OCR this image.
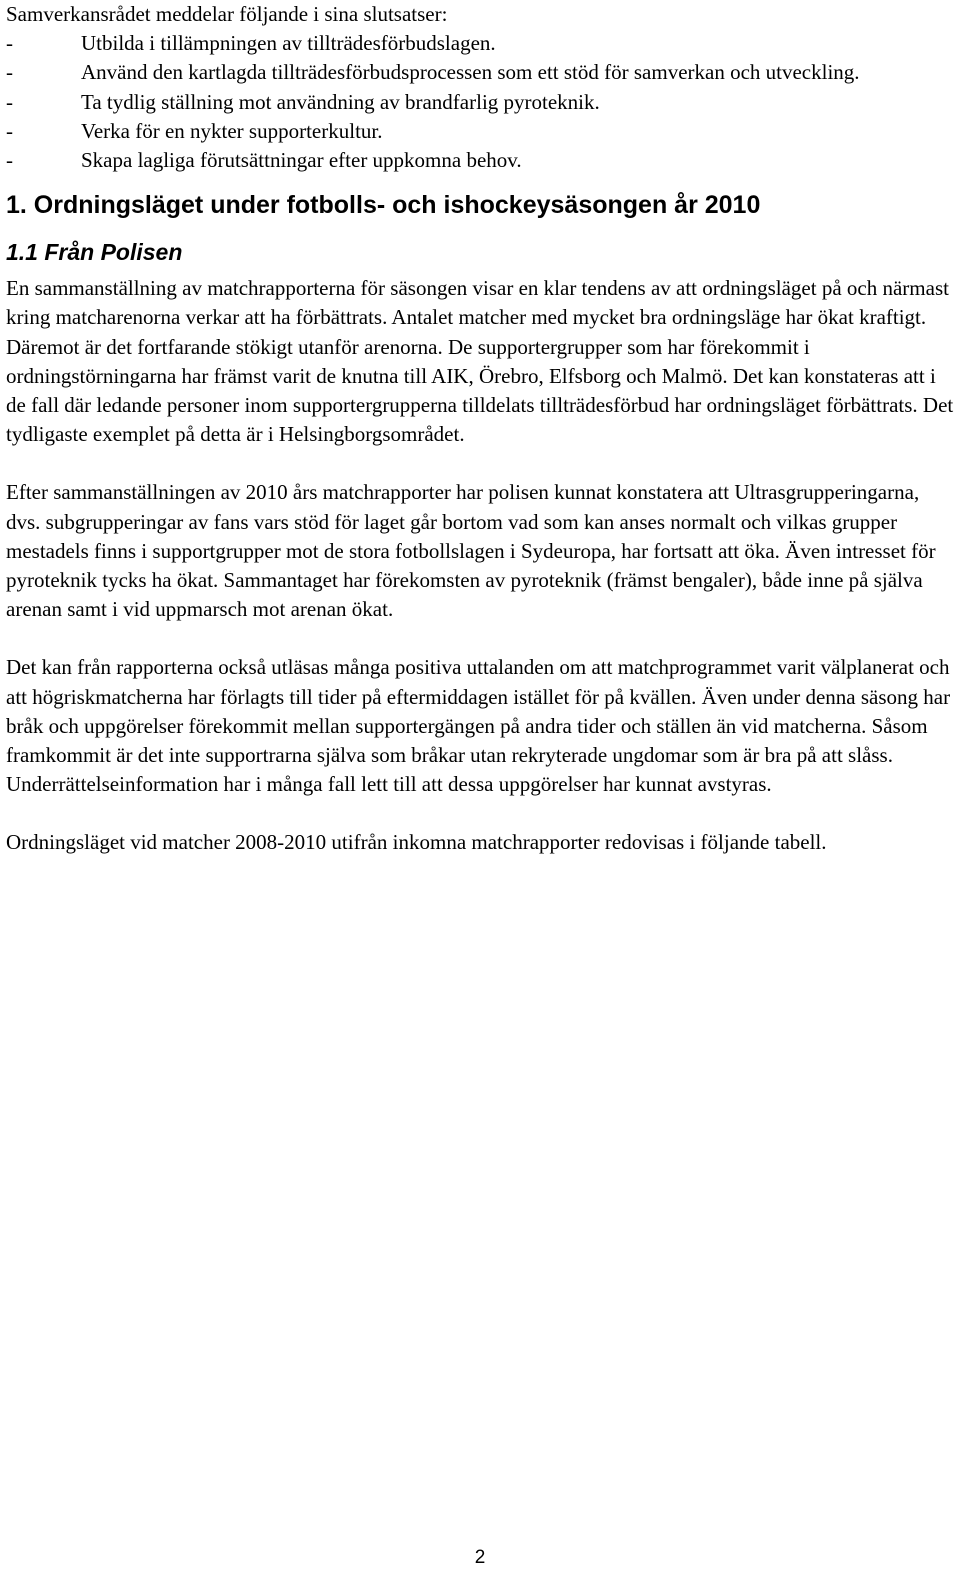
Samverkansrådet meddelar följande i sina slutsatser:

-	Utbilda i tillämpningen av tillträdesförbudslagen.
-	Använd den kartlagda tillträdesförbudsprocessen som ett stöd för samverkan och utveckling.
-	Ta tydlig ställning mot användning av brandfarlig pyroteknik.
-	Verka för en nykter supporterkultur.
-	Skapa lagliga förutsättningar efter uppkomna behov.
1. Ordningsläget under fotbolls- och ishockeysäsongen år 2010
1.1 Från Polisen

En sammanställning av matchrapporterna för säsongen visar en klar tendens av att ordningsläget på och närmast kring matcharenorna verkar att ha förbättrats. Antalet matcher med mycket bra ordningsläge har ökat kraftigt. Däremot är det fortfarande stökigt utanför arenorna. De supportergrupper som har förekommit i ordningstörningarna har främst varit de knutna till AIK, Örebro, Elfsborg och Malmö. Det kan konstateras att i de fall där ledande personer inom supportergrupperna tilldelats tillträdesförbud har ordningsläget förbättrats. Det tydligaste exemplet på detta är i Helsingborgsområdet.

Efter sammanställningen av 2010 års matchrapporter har polisen kunnat konstatera att Ultrasgrupperingarna, dvs. subgrupperingar av fans vars stöd för laget går bortom vad som kan anses normalt och vilkas grupper mestadels finns i supportgrupper mot de stora fotbollslagen i Sydeuropa, har fortsatt att öka. Även intresset för pyroteknik tycks ha ökat. Sammantaget har förekomsten av pyroteknik (främst bengaler), både inne på själva arenan samt i vid uppmarsch mot arenan ökat.

Det kan från rapporterna också utläsas många positiva uttalanden om att matchprogrammet varit välplanerat och att högriskmatcherna har förlagts till tider på eftermiddagen istället för på kvällen. Även under denna säsong har bråk och uppgörelser förekommit mellan supportergängen på andra tider och ställen än vid matcherna. Såsom framkommit är det inte supportrarna själva som bråkar utan rekryterade ungdomar som är bra på att slåss. Underrättelseinformation har i många fall lett till att dessa uppgörelser har kunnat avstyras.

Ordningsläget vid matcher 2008-2010 utifrån inkomna matchrapporter redovisas i följande tabell.

2
